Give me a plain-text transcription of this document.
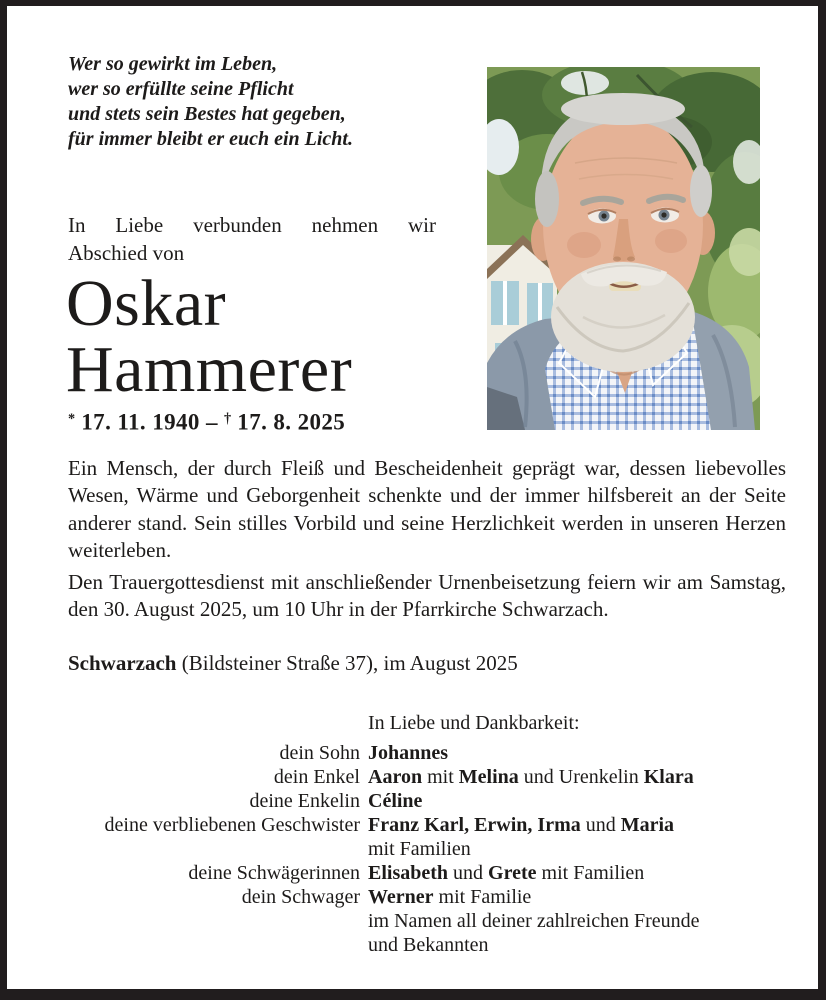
Wer so gewirkt im Leben,
wer so erfüllte seine Pflicht
und stets sein Bestes hat gegeben,
für immer bleibt er euch ein Licht.
In Liebe verbunden nehmen wir
Abschied von
Oskar
Hammerer
* 17. 11. 1940 – † 17. 8. 2025
Ein Mensch, der durch Fleiß und Bescheidenheit geprägt war, dessen liebevolles Wesen, Wärme und Geborgenheit schenkte und der immer hilfsbereit an der Seite anderer stand. Sein stilles Vorbild und seine Herzlichkeit werden in unseren Herzen weiterleben.
Den Trauergottesdienst mit anschließender Urnenbeisetzung feiern wir am Samstag, den 30. August 2025, um 10 Uhr in der Pfarrkirche Schwarzach.
Schwarzach (Bildsteiner Straße 37), im August 2025
In Liebe und Dankbarkeit:
dein Sohn Johannes
dein Enkel Aaron mit Melina und Urenkelin Klara
deine Enkelin Céline
deine verbliebenen Geschwister Franz Karl, Erwin, Irma und Maria
mit Familien
deine Schwägerinnen Elisabeth und Grete mit Familien
dein Schwager Werner mit Familie
im Namen all deiner zahlreichen Freunde
und Bekannten
